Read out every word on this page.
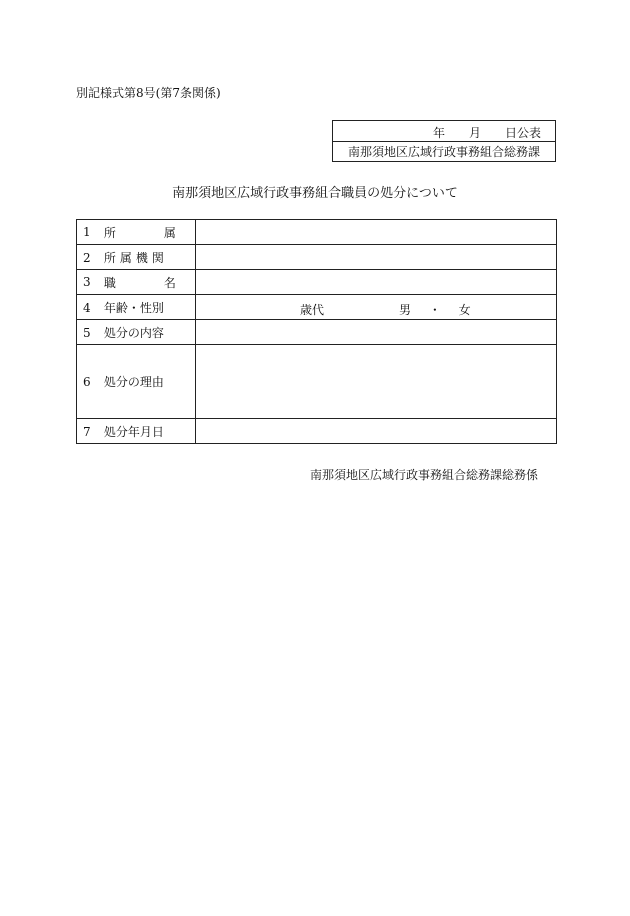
別記様式第8号(第7条関係)
年 月 日公表
南那須地区広域行政事務組合総務課
南那須地区広域行政事務組合職員の処分について
1 所 属	

2 所属機関	
3 職 名	

4 年齢・性別	歳代 男 ・ 女

5 処分の内容	
6 処分の理由	
7 処分年月日	
南那須地区広域行政事務組合総務課総務係
